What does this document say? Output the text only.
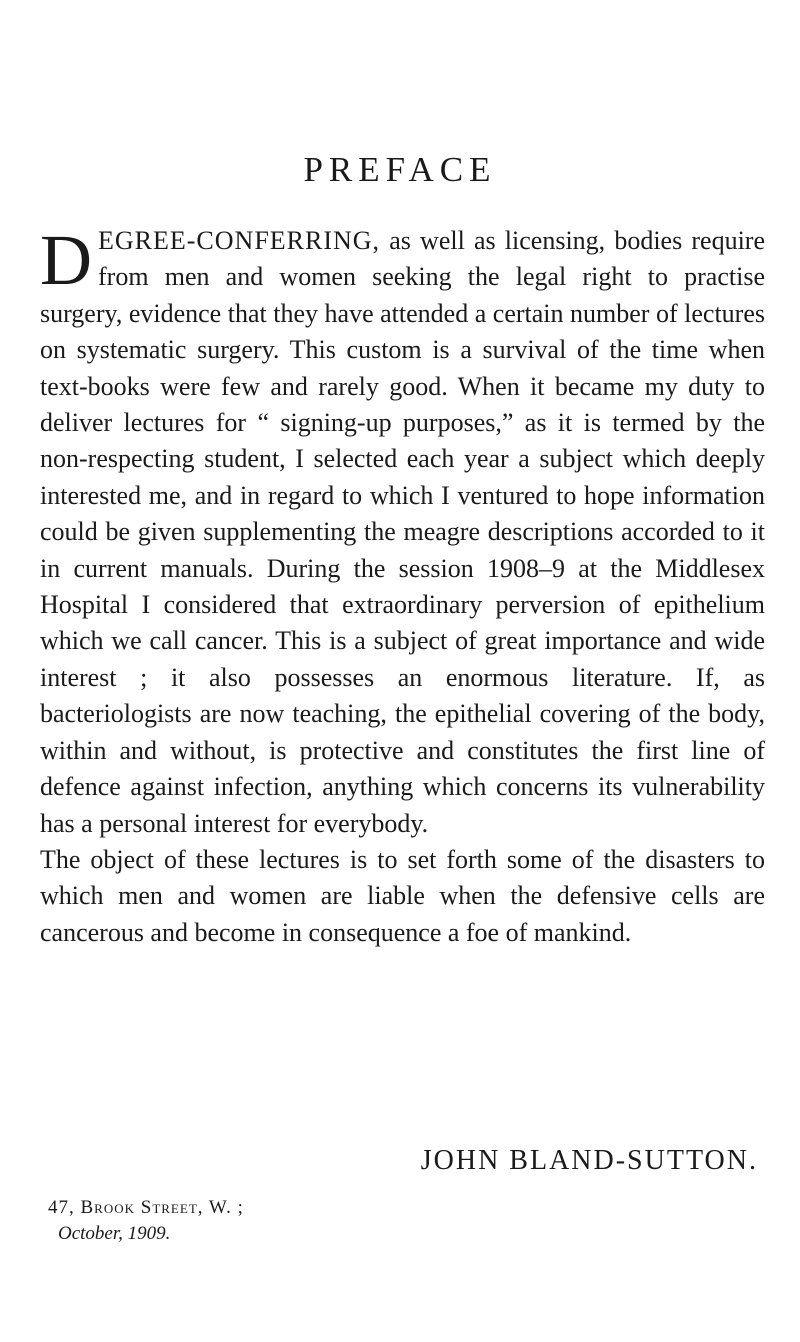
PREFACE

DEGREE-CONFERRING, as well as licensing, bodies require from men and women seeking the legal right to practise surgery, evidence that they have attended a certain number of lectures on systematic surgery. This custom is a survival of the time when text-books were few and rarely good. When it became my duty to deliver lectures for “ signing-up purposes,” as it is termed by the non-respecting student, I selected each year a subject which deeply interested me, and in regard to which I ventured to hope information could be given supplementing the meagre descriptions accorded to it in current manuals. During the session 1908–9 at the Middlesex Hospital I considered that extraordinary perversion of epithelium which we call cancer. This is a subject of great importance and wide interest ; it also possesses an enormous literature. If, as bacteriologists are now teaching, the epithelial covering of the body, within and without, is protective and constitutes the first line of defence against infection, anything which concerns its vulnerability has a personal interest for everybody.

The object of these lectures is to set forth some of the disasters to which men and women are liable when the defensive cells are cancerous and become in consequence a foe of mankind.

JOHN BLAND-SUTTON.
47, Brook Street, W. ;
October, 1909.
